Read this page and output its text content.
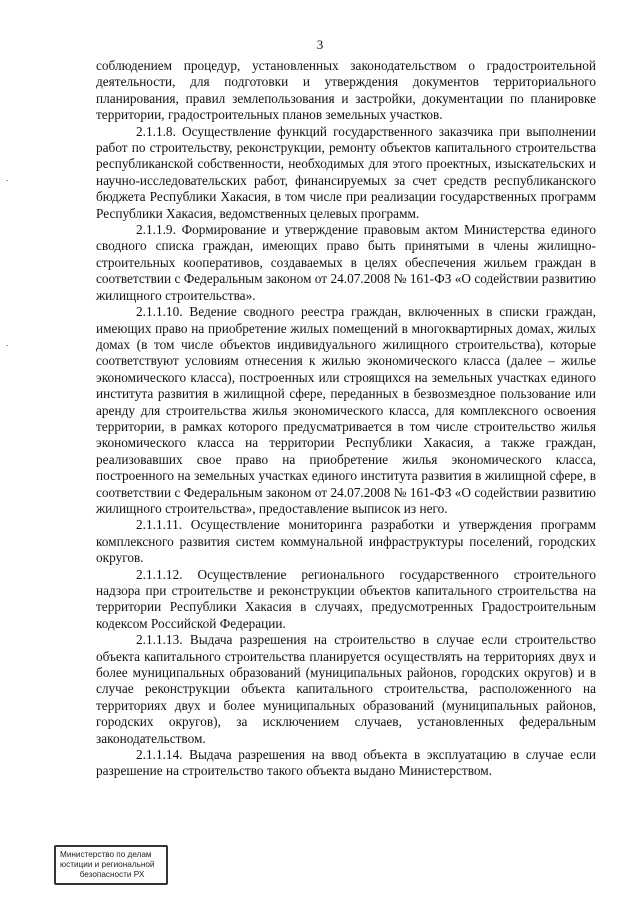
3

соблюдением процедур, установленных законодательством о градостроительной деятельности, для подготовки и утверждения документов территориального планирования, правил землепользования и застройки, документации по планировке территории, градостроительных планов земельных участков.

2.1.1.8. Осуществление функций государственного заказчика при выполнении работ по строительству, реконструкции, ремонту объектов капитального строительства республиканской собственности, необходимых для этого проектных, изыскательских и научно-исследовательских работ, финансируемых за счет средств республиканского бюджета Республики Хакасия, в том числе при реализации государственных программ Республики Хакасия, ведомственных целевых программ.

2.1.1.9. Формирование и утверждение правовым актом Министерства единого сводного списка граждан, имеющих право быть принятыми в члены жилищно-строительных кооперативов, создаваемых в целях обеспечения жильем граждан в соответствии с Федеральным законом от 24.07.2008 № 161-ФЗ «О содействии развитию жилищного строительства».

2.1.1.10. Ведение сводного реестра граждан, включенных в списки граждан, имеющих право на приобретение жилых помещений в многоквартирных домах, жилых домах (в том числе объектов индивидуального жилищного строительства), которые соответствуют условиям отнесения к жилью экономического класса (далее – жилье экономического класса), построенных или строящихся на земельных участках единого института развития в жилищной сфере, переданных в безвозмездное пользование или аренду для строительства жилья экономического класса, для комплексного освоения территории, в рамках которого предусматривается в том числе строительство жилья экономического класса на территории Республики Хакасия, а также граждан, реализовавших свое право на приобретение жилья экономического класса, построенного на земельных участках единого института развития в жилищной сфере, в соответствии с Федеральным законом от 24.07.2008 № 161-ФЗ «О содействии развитию жилищного строительства», предоставление выписок из него.

2.1.1.11. Осуществление мониторинга разработки и утверждения программ комплексного развития систем коммунальной инфраструктуры поселений, городских округов.

2.1.1.12. Осуществление регионального государственного строительного надзора при строительстве и реконструкции объектов капитального строительства на территории Республики Хакасия в случаях, предусмотренных Градостроительным кодексом Российской Федерации.

2.1.1.13. Выдача разрешения на строительство в случае если строительство объекта капитального строительства планируется осуществлять на территориях двух и более муниципальных образований (муниципальных районов, городских округов) и в случае реконструкции объекта капитального строительства, расположенного на территориях двух и более муниципальных образований (муниципальных районов, городских округов), за исключением случаев, установленных федеральным законодательством.

2.1.1.14. Выдача разрешения на ввод объекта в эксплуатацию в случае если разрешение на строительство такого объекта выдано Министерством.

Министерство по делам
юстиции и региональной
безопасности РХ
